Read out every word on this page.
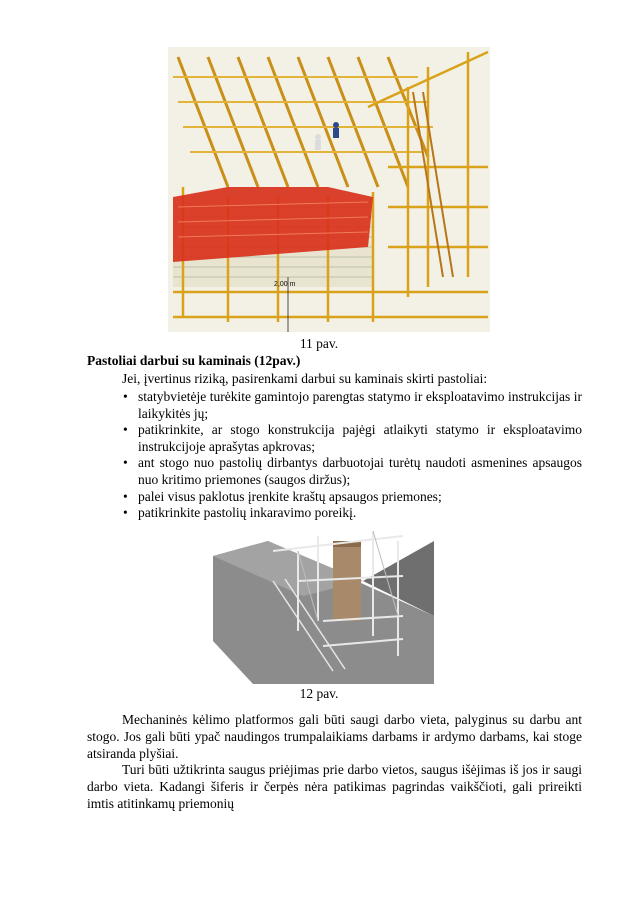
2,00 m
11 pav.
Pastoliai darbui su kaminais (12pav.)
Jei, įvertinus riziką, pasirenkami darbui su kaminais skirti pastoliai:
• statybvietėje turėkite gamintojo parengtas statymo ir eksploatavimo instrukcijas ir laikykitės jų;
• patikrinkite, ar stogo konstrukcija pajėgi atlaikyti statymo ir eksploatavimo instrukcijoje aprašytas apkrovas;
• ant stogo nuo pastolių dirbantys darbuotojai turėtų naudoti asmenines apsaugos nuo kritimo priemones (saugos diržus);
• palei visus paklotus įrenkite kraštų apsaugos priemones;
• patikrinkite pastolių inkaravimo poreikį.
12 pav.
Mechaninės kėlimo platformos gali būti saugi darbo vieta, palyginus su darbu ant stogo. Jos gali būti ypač naudingos trumpalaikiams darbams ir ardymo darbams, kai stoge atsiranda plyšiai.
Turi būti užtikrinta saugus priėjimas prie darbo vietos, saugus išėjimas iš jos ir saugi darbo vieta. Kadangi šiferis ir čerpės nėra patikimas pagrindas vaikščioti, gali prireikti imtis atitinkamų priemonių
